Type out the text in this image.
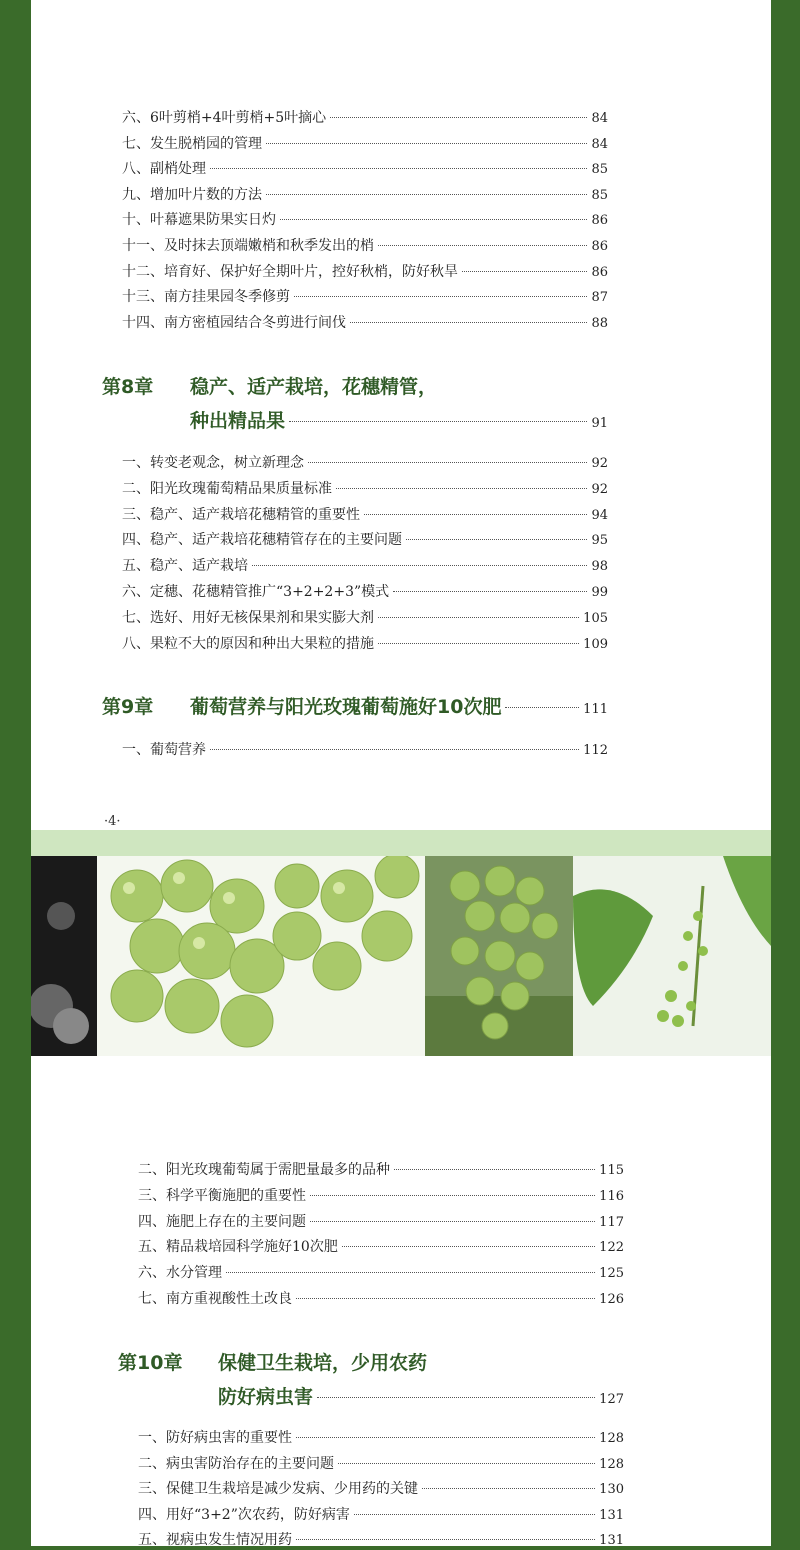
六、6叶剪梢+4叶剪梢+5叶摘心	84
七、发生脱梢园的管理	84
八、副梢处理	85
九、增加叶片数的方法	85
十、叶幕遮果防果实日灼	86
十一、及时抹去顶端嫩梢和秋季发出的梢	86
十二、培育好、保护好全期叶片，控好秋梢，防好秋旱	86
十三、南方挂果园冬季修剪	87
十四、南方密植园结合冬剪进行间伐	88
第8章 稳产、适产栽培，花穗精管，
种出精品果	91
一、转变老观念，树立新理念	92
二、阳光玫瑰葡萄精品果质量标准	92
三、稳产、适产栽培花穗精管的重要性	94
四、稳产、适产栽培花穗精管存在的主要问题	95
五、稳产、适产栽培	98
六、定穗、花穗精管推广“3+2+2+3”模式	99
七、选好、用好无核保果剂和果实膨大剂	105
八、果粒不大的原因和种出大果粒的措施	109
第9章	葡萄营养与阳光玫瑰葡萄施好10次肥	111
一、葡萄营养	112
·4·
二、阳光玫瑰葡萄属于需肥量最多的品种	115
三、科学平衡施肥的重要性	116
四、施肥上存在的主要问题	117
五、精品栽培园科学施好10次肥	122
六、水分管理	125
七、南方重视酸性土改良	126
第10章 保健卫生栽培，少用农药
防好病虫害	127
一、防好病虫害的重要性	128
二、病虫害防治存在的主要问题	128
三、保健卫生栽培是减少发病、少用药的关键	130
四、用好“3+2”次农药，防好病害	131
五、视病虫发生情况用药	131
